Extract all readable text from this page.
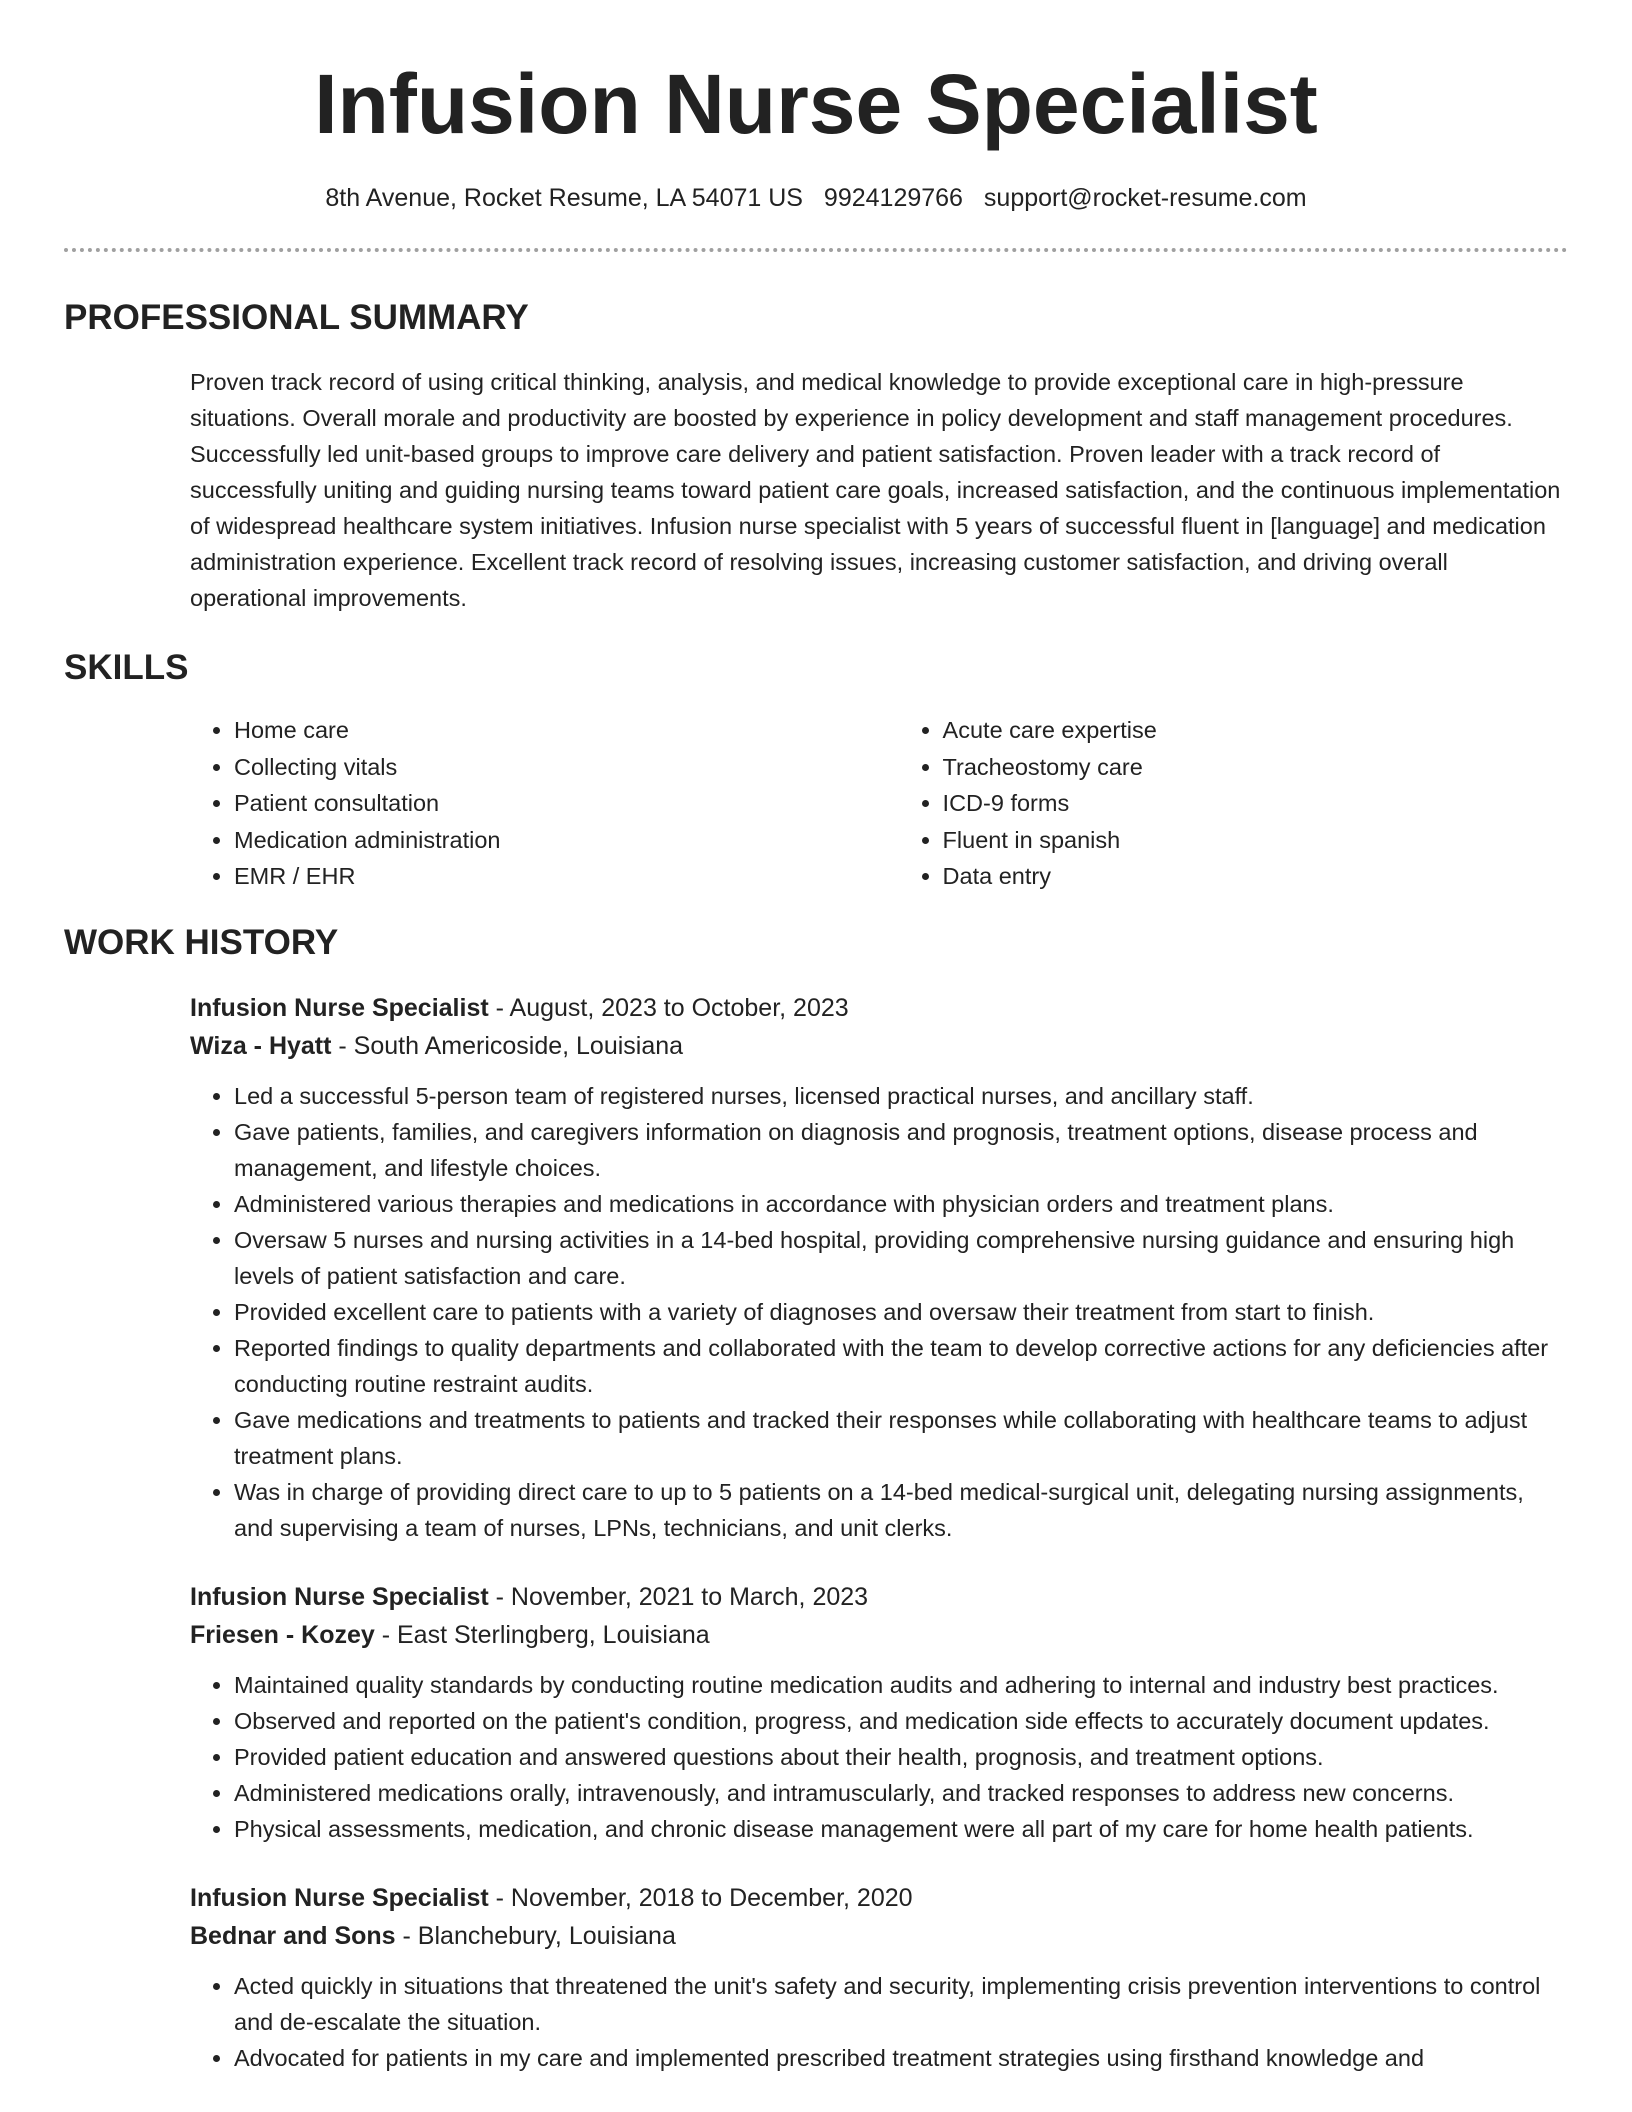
Infusion Nurse Specialist
8th Avenue, Rocket Resume, LA 54071 US 9924129766 support@rocket-resume.com
PROFESSIONAL SUMMARY
Proven track record of using critical thinking, analysis, and medical knowledge to provide exceptional care in high-pressure situations. Overall morale and productivity are boosted by experience in policy development and staff management procedures. Successfully led unit-based groups to improve care delivery and patient satisfaction. Proven leader with a track record of successfully uniting and guiding nursing teams toward patient care goals, increased satisfaction, and the continuous implementation of widespread healthcare system initiatives. Infusion nurse specialist with 5 years of successful fluent in [language] and medication administration experience. Excellent track record of resolving issues, increasing customer satisfaction, and driving overall operational improvements.
SKILLS
• Home care
• Collecting vitals
• Patient consultation
• Medication administration
• EMR / EHR
• Acute care expertise
• Tracheostomy care
• ICD-9 forms
• Fluent in spanish
• Data entry
WORK HISTORY
Infusion Nurse Specialist - August, 2023 to October, 2023
Wiza - Hyatt - South Americoside, Louisiana
• Led a successful 5-person team of registered nurses, licensed practical nurses, and ancillary staff.
• Gave patients, families, and caregivers information on diagnosis and prognosis, treatment options, disease process and management, and lifestyle choices.
• Administered various therapies and medications in accordance with physician orders and treatment plans.
• Oversaw 5 nurses and nursing activities in a 14-bed hospital, providing comprehensive nursing guidance and ensuring high levels of patient satisfaction and care.
• Provided excellent care to patients with a variety of diagnoses and oversaw their treatment from start to finish.
• Reported findings to quality departments and collaborated with the team to develop corrective actions for any deficiencies after conducting routine restraint audits.
• Gave medications and treatments to patients and tracked their responses while collaborating with healthcare teams to adjust treatment plans.
• Was in charge of providing direct care to up to 5 patients on a 14-bed medical-surgical unit, delegating nursing assignments, and supervising a team of nurses, LPNs, technicians, and unit clerks.
Infusion Nurse Specialist - November, 2021 to March, 2023
Friesen - Kozey - East Sterlingberg, Louisiana
• Maintained quality standards by conducting routine medication audits and adhering to internal and industry best practices.
• Observed and reported on the patient's condition, progress, and medication side effects to accurately document updates.
• Provided patient education and answered questions about their health, prognosis, and treatment options.
• Administered medications orally, intravenously, and intramuscularly, and tracked responses to address new concerns.
• Physical assessments, medication, and chronic disease management were all part of my care for home health patients.
Infusion Nurse Specialist - November, 2018 to December, 2020
Bednar and Sons - Blanchebury, Louisiana
• Acted quickly in situations that threatened the unit's safety and security, implementing crisis prevention interventions to control and de-escalate the situation.
• Advocated for patients in my care and implemented prescribed treatment strategies using firsthand knowledge and
